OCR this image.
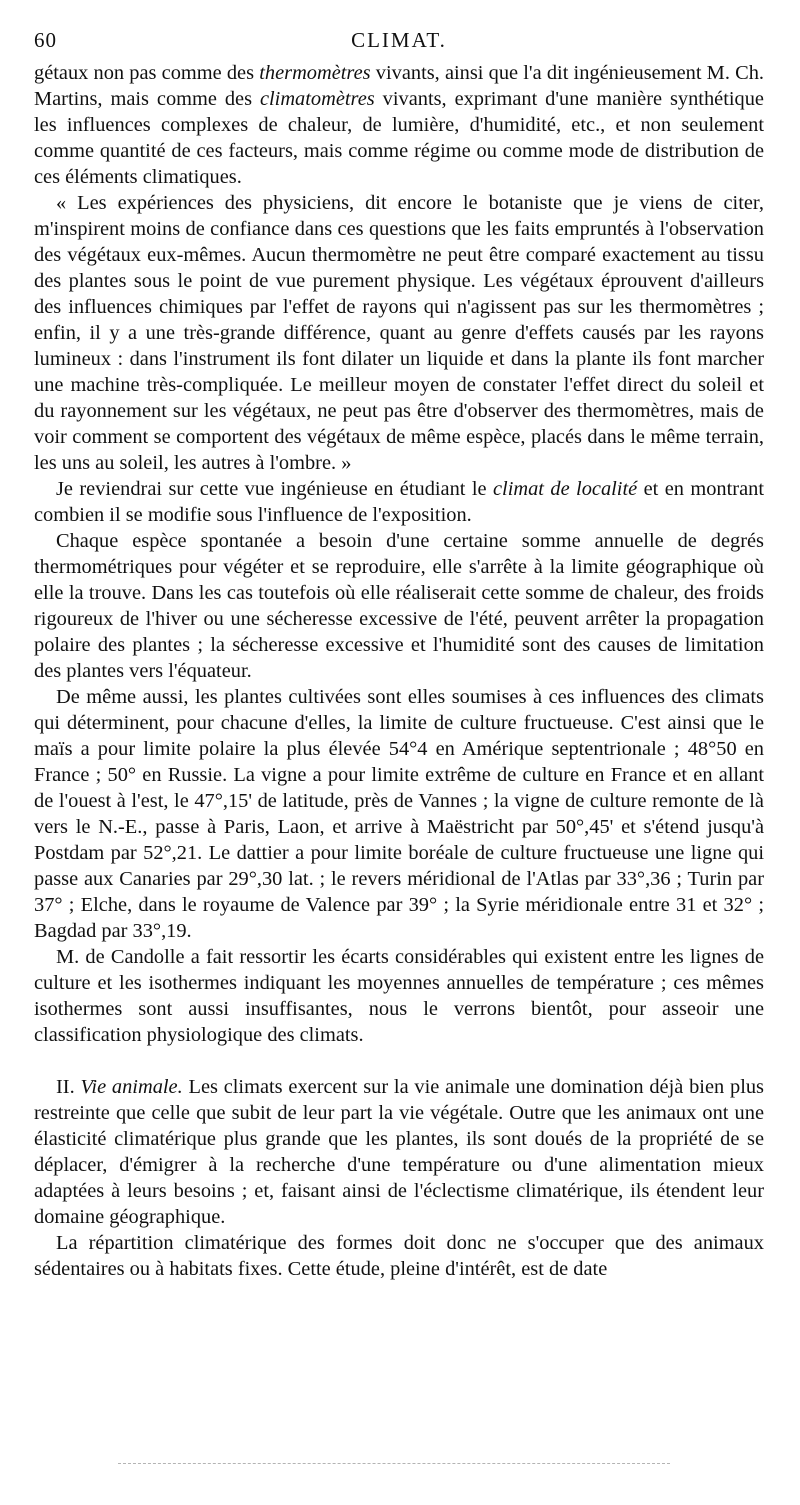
60	CLIMAT.

gétaux non pas comme des thermomètres vivants, ainsi que l'a dit ingénieusement M. Ch. Martins, mais comme des climatomètres vivants, exprimant d'une manière synthétique les influences complexes de chaleur, de lumière, d'humidité, etc., et non seulement comme quantité de ces facteurs, mais comme régime ou comme mode de distribution de ces éléments climatiques.

« Les expériences des physiciens, dit encore le botaniste que je viens de citer, m'inspirent moins de confiance dans ces questions que les faits empruntés à l'observation des végétaux eux-mêmes. Aucun thermomètre ne peut être comparé exactement au tissu des plantes sous le point de vue purement physique. Les végétaux éprouvent d'ailleurs des influences chimiques par l'effet de rayons qui n'agissent pas sur les thermomètres ; enfin, il y a une très-grande différence, quant au genre d'effets causés par les rayons lumineux : dans l'instrument ils font dilater un liquide et dans la plante ils font marcher une machine très-compliquée. Le meilleur moyen de constater l'effet direct du soleil et du rayonnement sur les végétaux, ne peut pas être d'observer des thermomètres, mais de voir comment se comportent des végétaux de même espèce, placés dans le même terrain, les uns au soleil, les autres à l'ombre. »

Je reviendrai sur cette vue ingénieuse en étudiant le climat de localité et en montrant combien il se modifie sous l'influence de l'exposition.

Chaque espèce spontanée a besoin d'une certaine somme annuelle de degrés thermométriques pour végéter et se reproduire, elle s'arrête à la limite géographique où elle la trouve. Dans les cas toutefois où elle réaliserait cette somme de chaleur, des froids rigoureux de l'hiver ou une sécheresse excessive de l'été, peuvent arrêter la propagation polaire des plantes ; la sécheresse excessive et l'humidité sont des causes de limitation des plantes vers l'équateur.

De même aussi, les plantes cultivées sont elles soumises à ces influences des climats qui déterminent, pour chacune d'elles, la limite de culture fructueuse. C'est ainsi que le maïs a pour limite polaire la plus élevée 54°4 en Amérique septentrionale ; 48°50 en France ; 50° en Russie. La vigne a pour limite extrême de culture en France et en allant de l'ouest à l'est, le 47°,15' de latitude, près de Vannes ; la vigne de culture remonte de là vers le N.-E., passe à Paris, Laon, et arrive à Maëstricht par 50°,45' et s'étend jusqu'à Postdam par 52°,21. Le dattier a pour limite boréale de culture fructueuse une ligne qui passe aux Canaries par 29°,30 lat. ; le revers méridional de l'Atlas par 33°,36 ; Turin par 37° ; Elche, dans le royaume de Valence par 39° ; la Syrie méridionale entre 31 et 32° ; Bagdad par 33°,19.

M. de Candolle a fait ressortir les écarts considérables qui existent entre les lignes de culture et les isothermes indiquant les moyennes annuelles de température ; ces mêmes isothermes sont aussi insuffisantes, nous le verrons bientôt, pour asseoir une classification physiologique des climats.

II. Vie animale. Les climats exercent sur la vie animale une domination déjà bien plus restreinte que celle que subit de leur part la vie végétale. Outre que les animaux ont une élasticité climatérique plus grande que les plantes, ils sont doués de la propriété de se déplacer, d'émigrer à la recherche d'une température ou d'une alimentation mieux adaptées à leurs besoins ; et, faisant ainsi de l'éclectisme climatérique, ils étendent leur domaine géographique.

La répartition climatérique des formes doit donc ne s'occuper que des animaux sédentaires ou à habitats fixes. Cette étude, pleine d'intérêt, est de date
